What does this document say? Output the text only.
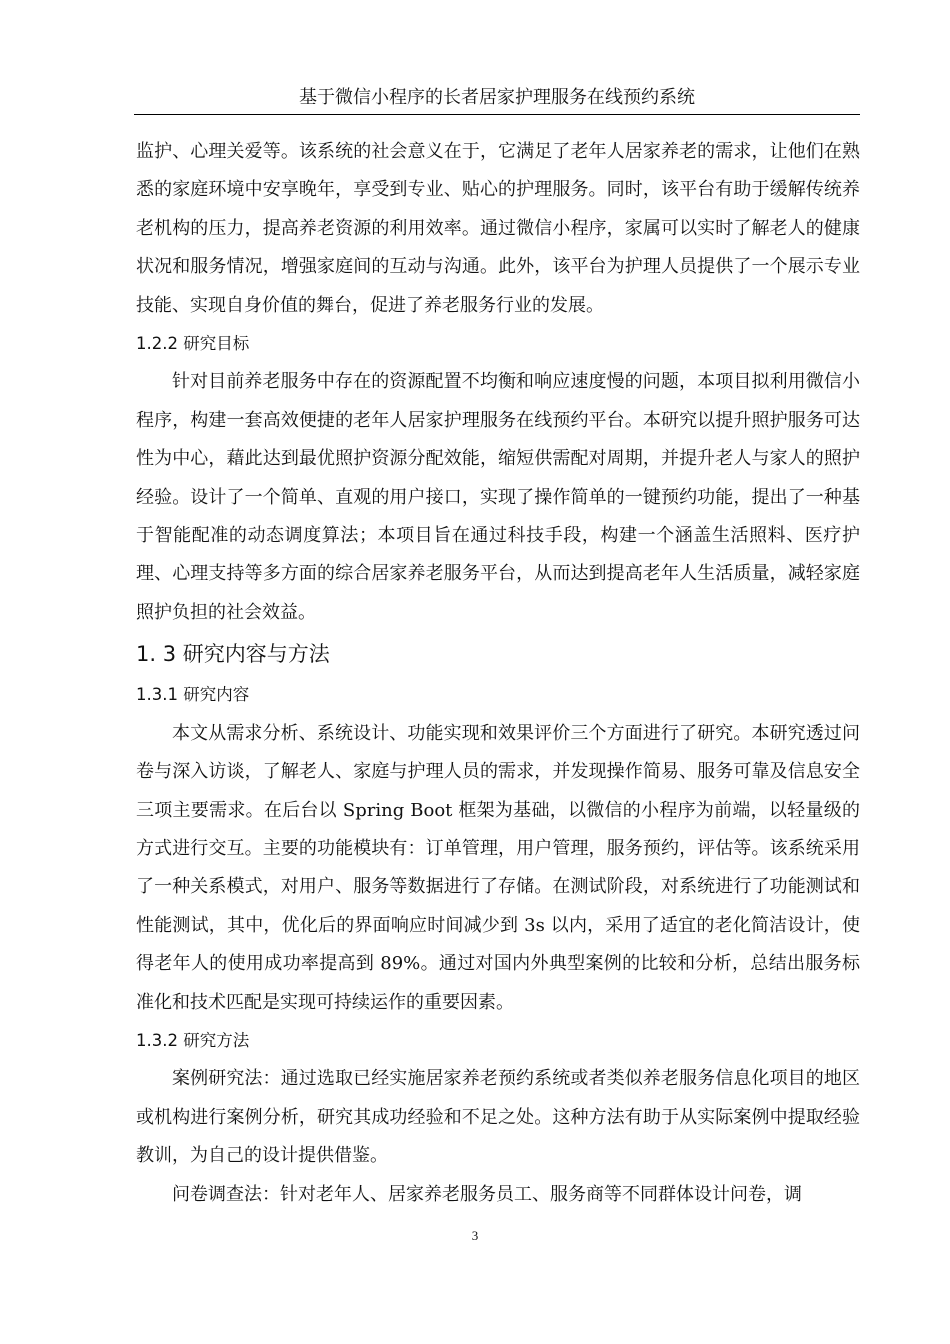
基于微信小程序的长者居家护理服务在线预约系统

监护、心理关爱等。该系统的社会意义在于，它满足了老年人居家养老的需求，让他们在熟悉的家庭环境中安享晚年，享受到专业、贴心的护理服务。同时，该平台有助于缓解传统养老机构的压力，提高养老资源的利用效率。通过微信小程序，家属可以实时了解老人的健康状况和服务情况，增强家庭间的互动与沟通。此外，该平台为护理人员提供了一个展示专业技能、实现自身价值的舞台，促进了养老服务行业的发展。

1.2.2 研究目标

针对目前养老服务中存在的资源配置不均衡和响应速度慢的问题，本项目拟利用微信小程序，构建一套高效便捷的老年人居家护理服务在线预约平台。本研究以提升照护服务可达性为中心，藉此达到最优照护资源分配效能，缩短供需配对周期，并提升老人与家人的照护经验。设计了一个简单、直观的用户接口，实现了操作简单的一键预约功能，提出了一种基于智能配准的动态调度算法；本项目旨在通过科技手段，构建一个涵盖生活照料、医疗护理、心理支持等多方面的综合居家养老服务平台，从而达到提高老年人生活质量，减轻家庭照护负担的社会效益。

1. 3 研究内容与方法

1.3.1 研究内容

本文从需求分析、系统设计、功能实现和效果评价三个方面进行了研究。本研究透过问卷与深入访谈，了解老人、家庭与护理人员的需求，并发现操作简易、服务可靠及信息安全三项主要需求。在后台以 Spring Boot 框架为基础，以微信的小程序为前端，以轻量级的方式进行交互。主要的功能模块有：订单管理，用户管理，服务预约，评估等。该系统采用了一种关系模式，对用户、服务等数据进行了存储。在测试阶段，对系统进行了功能测试和性能测试，其中，优化后的界面响应时间减少到 3s 以内，采用了适宜的老化简洁设计，使得老年人的使用成功率提高到 89%。通过对国内外典型案例的比较和分析，总结出服务标准化和技术匹配是实现可持续运作的重要因素。

1.3.2 研究方法

案例研究法：通过选取已经实施居家养老预约系统或者类似养老服务信息化项目的地区或机构进行案例分析，研究其成功经验和不足之处。这种方法有助于从实际案例中提取经验教训，为自己的设计提供借鉴。

问卷调查法：针对老年人、居家养老服务员工、服务商等不同群体设计问卷，调

3
